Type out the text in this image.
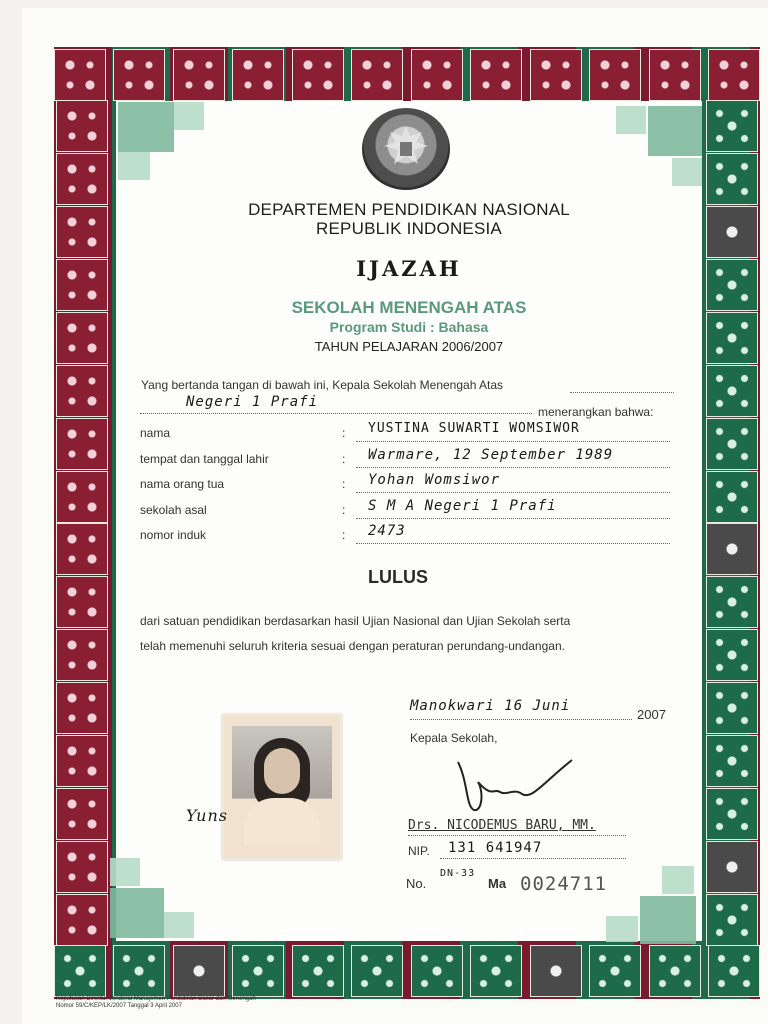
DEPARTEMEN PENDIDIKAN NASIONAL
REPUBLIK INDONESIA
IJAZAH
SEKOLAH MENENGAH ATAS
Program Studi : Bahasa
TAHUN PELAJARAN 2006/2007
Yang bertanda tangan di bawah ini, Kepala Sekolah Menengah Atas
Negeri 1 Prafi
menerangkan bahwa:
nama	: YUSTINA SUWARTI WOMSIWOR
tempat dan tanggal lahir	: Warmare, 12 September 1989
nama orang tua	: Yohan Womsiwor
sekolah asal	: S M A Negeri 1 Prafi
nomor induk	: 2473
LULUS
dari satuan pendidikan berdasarkan hasil Ujian Nasional dan Ujian Sekolah serta
telah memenuhi seluruh kriteria sesuai dengan peraturan perundang-undangan.
Yuns
Manokwari 16 Juni
2007
Kepala Sekolah,
Drs. NICODEMUS BARU, MM.
NIP. 131 641947
No.
DN-33
Ma 0024711
Keputusan Direktur Jenderal Manajemen Pendidikan Dasar dan Menengah
Nomor 59/C/KEP/LK/2007 Tanggal 3 April 2007
